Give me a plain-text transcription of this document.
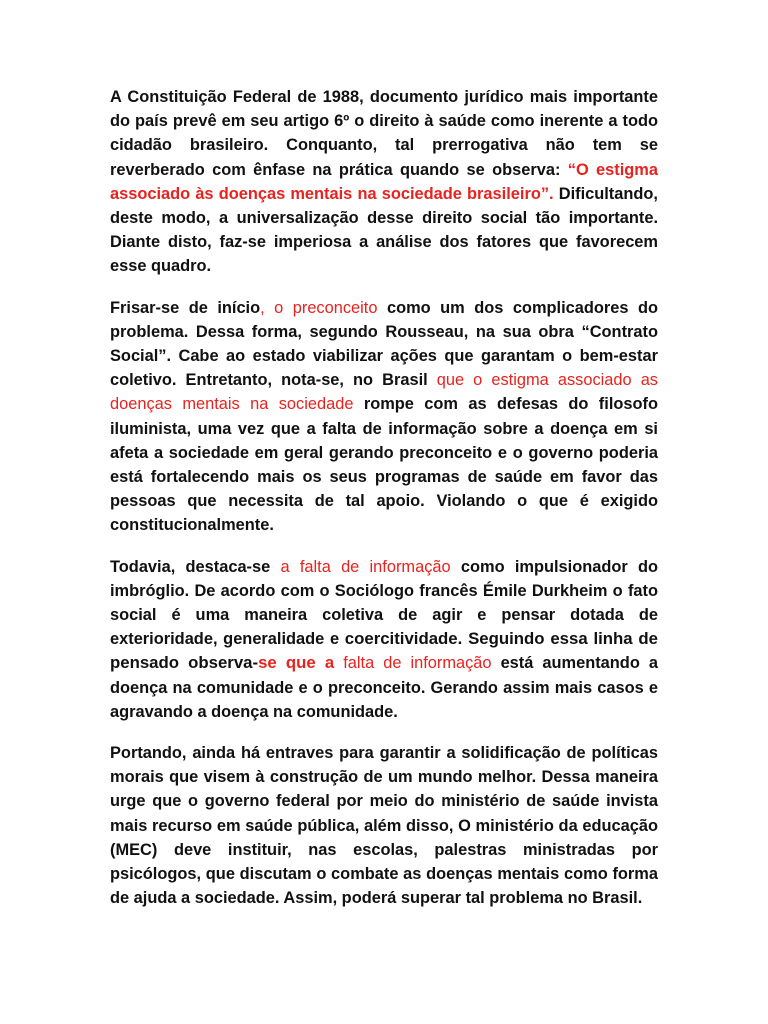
A Constituição Federal de 1988, documento jurídico mais importante do país prevê em seu artigo 6º o direito à saúde como inerente a todo cidadão brasileiro. Conquanto, tal prerrogativa não tem se reverberado com ênfase na prática quando se observa: “O estigma associado às doenças mentais na sociedade brasileiro”. Dificultando, deste modo, a universalização desse direito social tão importante. Diante disto, faz-se imperiosa a análise dos fatores que favorecem esse quadro.

Frisar-se de início, o preconceito como um dos complicadores do problema. Dessa forma, segundo Rousseau, na sua obra “Contrato Social”. Cabe ao estado viabilizar ações que garantam o bem-estar coletivo. Entretanto, nota-se, no Brasil que o estigma associado as doenças mentais na sociedade rompe com as defesas do filosofo iluminista, uma vez que a falta de informação sobre a doença em si afeta a sociedade em geral gerando preconceito e o governo poderia está fortalecendo mais os seus programas de saúde em favor das pessoas que necessita de tal apoio. Violando o que é exigido constitucionalmente.

Todavia, destaca-se a falta de informação como impulsionador do imbróglio. De acordo com o Sociólogo francês Émile Durkheim o fato social é uma maneira coletiva de agir e pensar dotada de exterioridade, generalidade e coercitividade. Seguindo essa linha de pensado observa-se que a falta de informação está aumentando a doença na comunidade e o preconceito. Gerando assim mais casos e agravando a doença na comunidade.

Portando, ainda há entraves para garantir a solidificação de políticas morais que visem à construção de um mundo melhor. Dessa maneira urge que o governo federal por meio do ministério de saúde invista mais recurso em saúde pública, além disso, O ministério da educação (MEC) deve instituir, nas escolas, palestras ministradas por psicólogos, que discutam o combate as doenças mentais como forma de ajuda a sociedade. Assim, poderá superar tal problema no Brasil.
